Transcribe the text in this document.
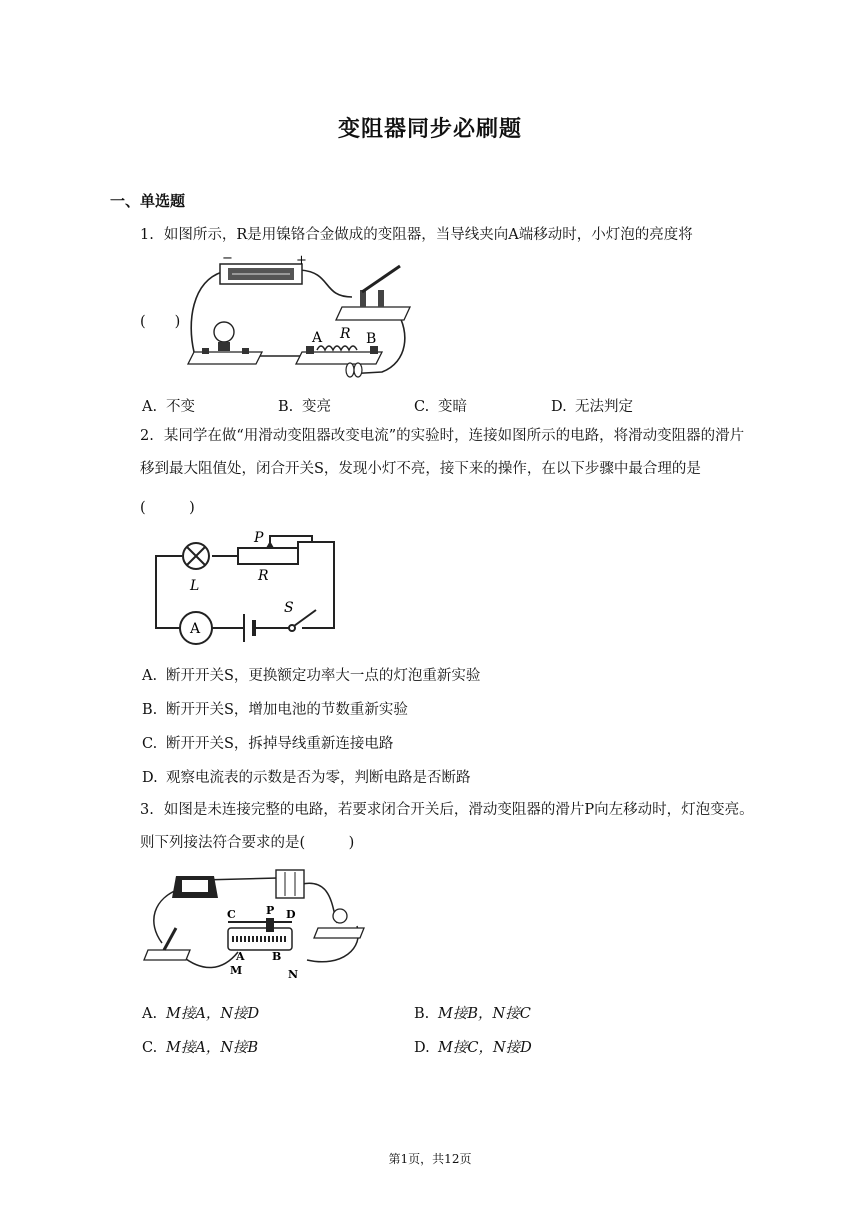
变阻器同步必刷题
一、单选题
1. 如图所示，R是用镍铬合金做成的变阻器，当导线夹向A端移动时，小灯泡的亮度将
(　　)
−	+
A R B
A. 不变	B. 变亮	C. 变暗	D. 无法判定
2. 某同学在做“用滑动变阻器改变电流”的实验时，连接如图所示的电路，将滑动变阻器的滑片移到最大阻值处，闭合开关S，发现小灯不亮，接下来的操作，在以下步骤中最合理的是
(　　　)
P
L
R
A
S
A. 断开开关S，更换额定功率大一点的灯泡重新实验
B. 断开开关S，增加电池的节数重新实验
C. 断开开关S，拆掉导线重新连接电路
D. 观察电流表的示数是否为零，判断电路是否断路
3. 如图是未连接完整的电路，若要求闭合开关后，滑动变阻器的滑片P向左移动时，灯泡变亮。则下列接法符合要求的是(　　　)
C	P D
A B
M	N
A. M接A，N接D	B. M接B，N接C
C. M接A，N接B	D. M接C，N接D
第1页，共12页
